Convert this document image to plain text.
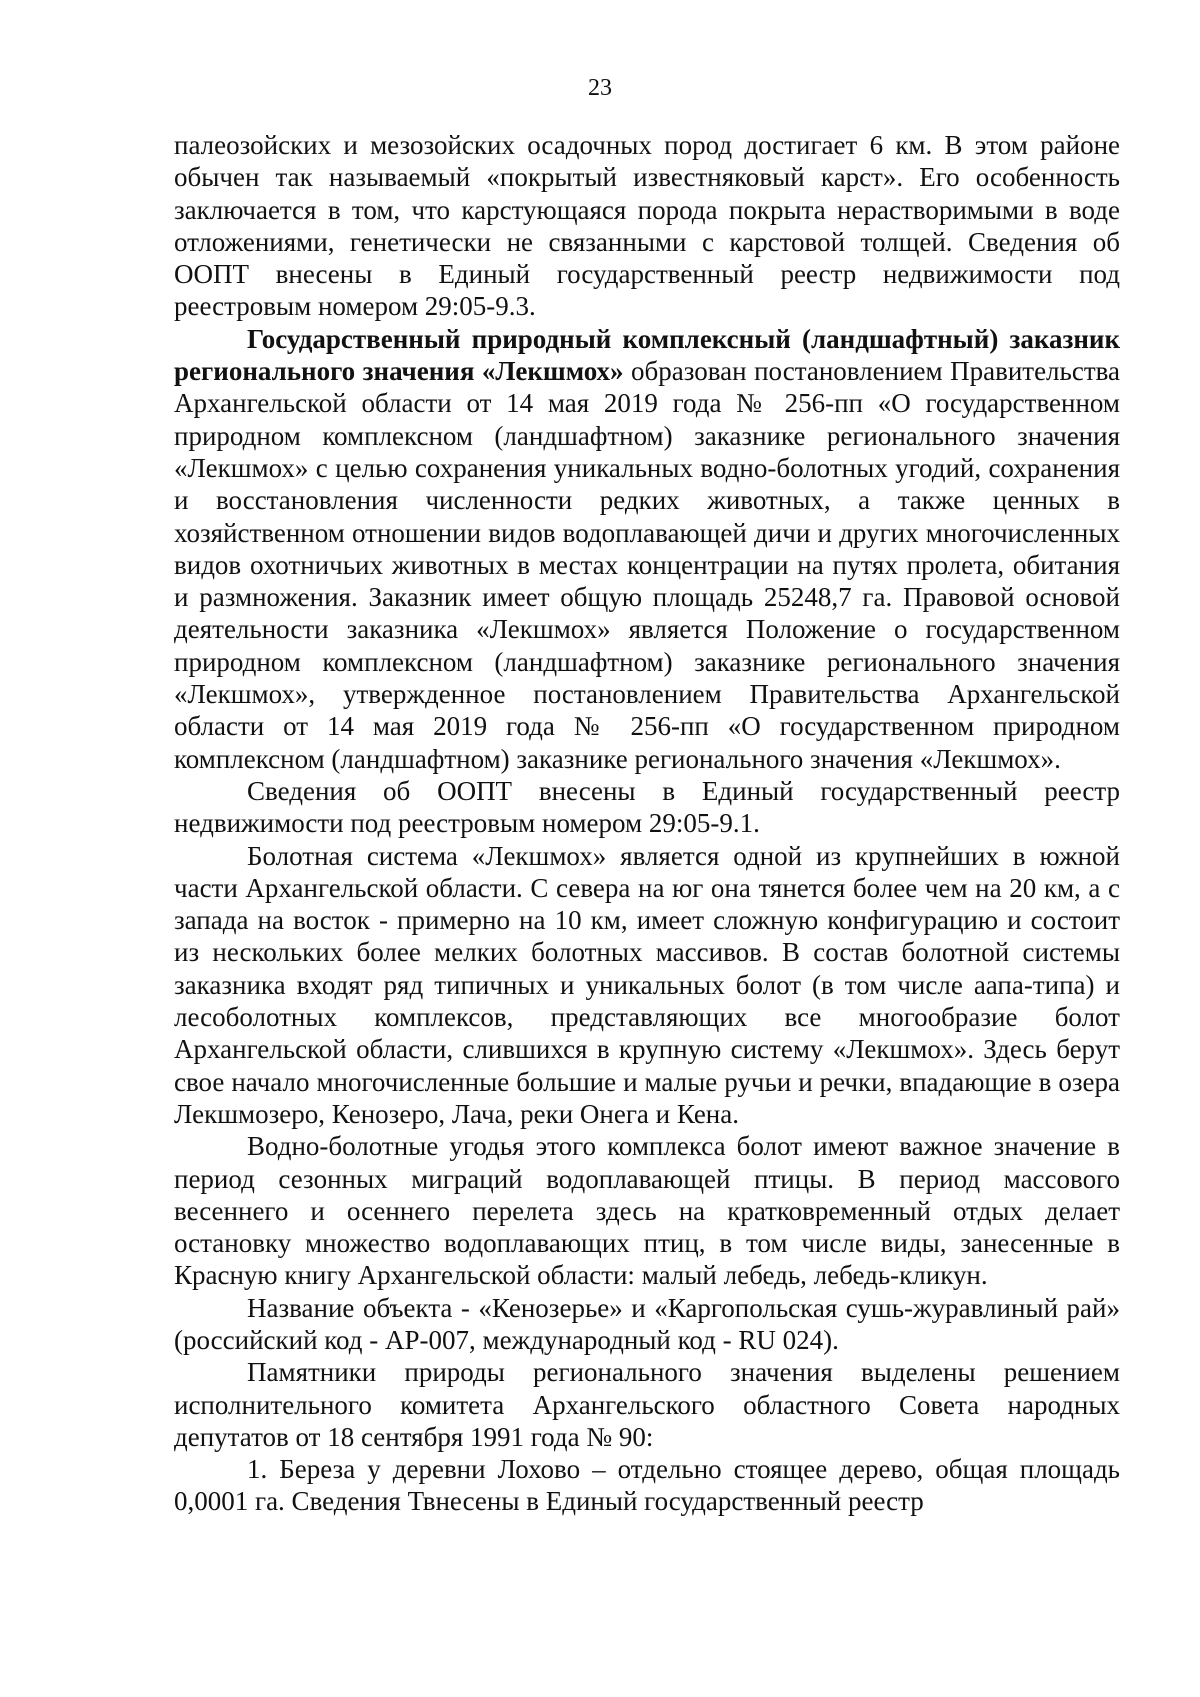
23

палеозойских и мезозойских осадочных пород достигает 6 км. В этом районе обычен так называемый «покрытый известняковый карст». Его особенность заключается в том, что карстующаяся порода покрыта нерастворимыми в воде отложениями, генетически не связанными с карстовой толщей. Сведения об ООПТ внесены в Единый государственный реестр недвижимости под реестровым номером 29:05-9.3.

Государственный природный комплексный (ландшафтный) заказник регионального значения «Лекшмох» образован постановлением Правительства Архангельской области от 14 мая 2019 года № 256-пп «О государственном природном комплексном (ландшафтном) заказнике регионального значения «Лекшмох» с целью сохранения уникальных водно-болотных угодий, сохранения и восстановления численности редких животных, а также ценных в хозяйственном отношении видов водоплавающей дичи и других многочисленных видов охотничьих животных в местах концентрации на путях пролета, обитания и размножения. Заказник имеет общую площадь 25248,7 га. Правовой основой деятельности заказника «Лекшмох» является Положение о государственном природном комплексном (ландшафтном) заказнике регионального значения «Лекшмох», утвержденное постановлением Правительства Архангельской области от 14 мая 2019 года № 256-пп «О государственном природном комплексном (ландшафтном) заказнике регионального значения «Лекшмох».

Сведения об ООПТ внесены в Единый государственный реестр недвижимости под реестровым номером 29:05-9.1.

Болотная система «Лекшмох» является одной из крупнейших в южной части Архангельской области. С севера на юг она тянется более чем на 20 км, а с запада на восток - примерно на 10 км, имеет сложную конфигурацию и состоит из нескольких более мелких болотных массивов. В состав болотной системы заказника входят ряд типичных и уникальных болот (в том числе аапа-типа) и лесоболотных комплексов, представляющих все многообразие болот Архангельской области, слившихся в крупную систему «Лекшмох». Здесь берут свое начало многочисленные большие и малые ручьи и речки, впадающие в озера Лекшмозеро, Кенозеро, Лача, реки Онега и Кена.

Водно-болотные угодья этого комплекса болот имеют важное значение в период сезонных миграций водоплавающей птицы. В период массового весеннего и осеннего перелета здесь на кратковременный отдых делает остановку множество водоплавающих птиц, в том числе виды, занесенные в Красную книгу Архангельской области: малый лебедь, лебедь-кликун.

Название объекта - «Кенозерье» и «Каргопольская сушь-журавлиный рай» (российский код - АР-007, международный код - RU 024).

Памятники природы регионального значения выделены решением исполнительного комитета Архангельского областного Совета народных депутатов от 18 сентября 1991 года № 90:

1. Береза у деревни Лохово – отдельно стоящее дерево, общая площадь 0,0001 га. Сведения Твнесены в Единый государственный реестр
